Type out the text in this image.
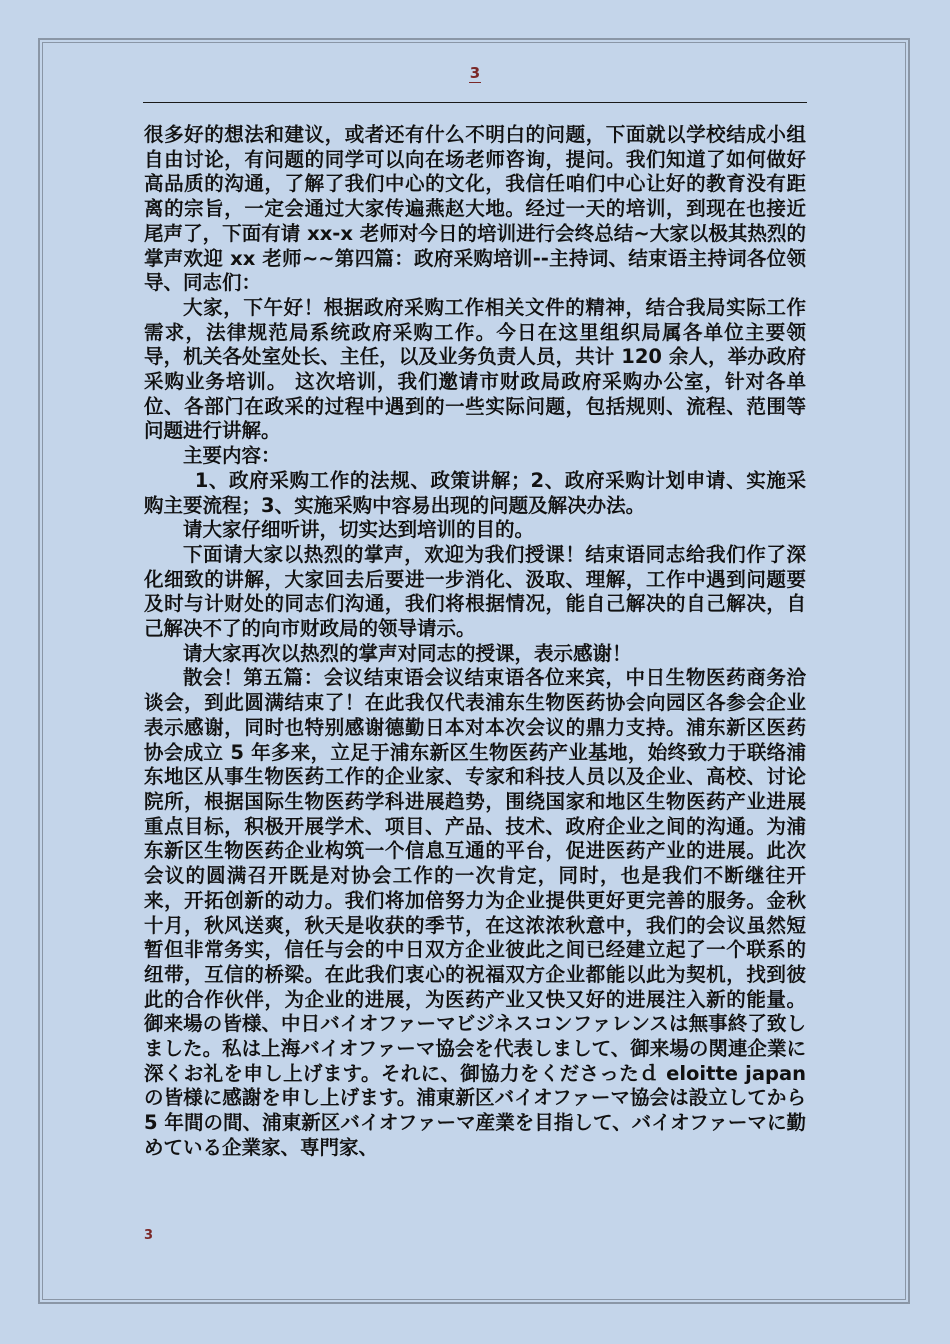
3

很多好的想法和建议，或者还有什么不明白的问题，下面就以学校结成小组自由讨论，有问题的同学可以向在场老师咨询，提问。我们知道了如何做好高品质的沟通，了解了我们中心的文化，我信任咱们中心让好的教育没有距离的宗旨，一定会通过大家传遍燕赵大地。经过一天的培训，到现在也接近尾声了，下面有请 xx-x 老师对今日的培训进行会终总结~大家以极其热烈的掌声欢迎 xx 老师~~第四篇：政府采购培训--主持词、结束语主持词各位领导、同志们：

大家，下午好！根据政府采购工作相关文件的精神，结合我局实际工作需求，法律规范局系统政府采购工作。今日在这里组织局属各单位主要领导，机关各处室处长、主任，以及业务负责人员，共计 120 余人，举办政府采购业务培训。 这次培训，我们邀请市财政局政府采购办公室，针对各单位、各部门在政采的过程中遇到的一些实际问题，包括规则、流程、范围等问题进行讲解。

主要内容：

1、政府采购工作的法规、政策讲解；2、政府采购计划申请、实施采购主要流程；3、实施采购中容易出现的问题及解决办法。

请大家仔细听讲，切实达到培训的目的。

下面请大家以热烈的掌声，欢迎为我们授课！结束语同志给我们作了深化细致的讲解，大家回去后要进一步消化、汲取、理解，工作中遇到问题要及时与计财处的同志们沟通，我们将根据情况，能自己解决的自己解决，自己解决不了的向市财政局的领导请示。

请大家再次以热烈的掌声对同志的授课，表示感谢！

散会！第五篇：会议结束语会议结束语各位来宾，中日生物医药商务洽谈会，到此圆满结束了！在此我仅代表浦东生物医药协会向园区各参会企业表示感谢，同时也特别感谢德勤日本对本次会议的鼎力支持。浦东新区医药协会成立 5 年多来，立足于浦东新区生物医药产业基地，始终致力于联络浦东地区从事生物医药工作的企业家、专家和科技人员以及企业、高校、讨论院所，根据国际生物医药学科进展趋势，围绕国家和地区生物医药产业进展重点目标，积极开展学术、项目、产品、技术、政府企业之间的沟通。为浦东新区生物医药企业构筑一个信息互通的平台，促进医药产业的进展。此次会议的圆满召开既是对协会工作的一次肯定，同时，也是我们不断继往开来，开拓创新的动力。我们将加倍努力为企业提供更好更完善的服务。金秋十月，秋风送爽，秋天是收获的季节，在这浓浓秋意中，我们的会议虽然短暂但非常务实，信任与会的中日双方企业彼此之间已经建立起了一个联系的纽带，互信的桥梁。在此我们衷心的祝福双方企业都能以此为契机，找到彼此的合作伙伴，为企业的进展，为医药产业又快又好的进展注入新的能量。御来場の皆様、中日バイオファーマビジネスコンファレンスは無事終了致しました。私は上海バイオファーマ協会を代表しまして、御来場の関連企業に深くお礼を申し上げます。それに、御協力をくださったｄ eloitte japan の皆様に感謝を申し上げます。浦東新区バイオファーマ協会は設立してから 5 年間の間、浦東新区バイオファーマ産業を目指して、バイオファーマに勤めている企業家、専門家、

3
